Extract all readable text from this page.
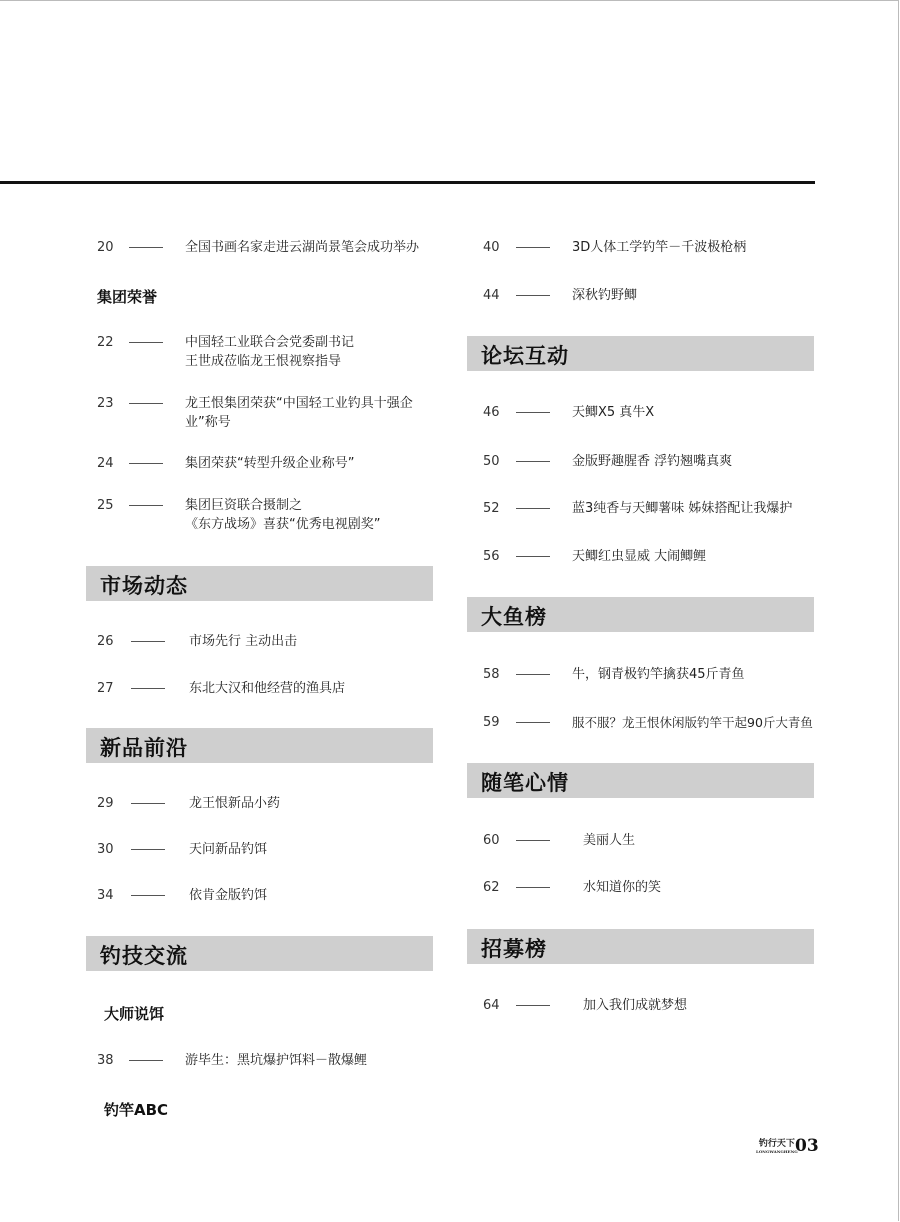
20	全国书画名家走进云湖尚景笔会成功举办
集团荣誉
22	中国轻工业联合会党委副书记
王世成莅临龙王恨视察指导
23	龙王恨集团荣获“中国轻工业钓具十强企
业”称号
24	集团荣获“转型升级企业称号”
25	集团巨资联合摄制之
《东方战场》喜获“优秀电视剧奖”
市场动态
26	市场先行 主动出击
27	东北大汉和他经营的渔具店
新品前沿
29	龙王恨新品小药
30	天问新品钓饵
34	依肯金版钓饵
钓技交流
大师说饵
38	游毕生：黑坑爆护饵料－散爆鲤
钓竿ABC
40	3D人体工学钓竿－千波极枪柄
44	深秋钓野鲫
论坛互动
46	天鲫X5 真牛X
50	金版野趣腥香 浮钓翘嘴真爽
52	蓝3纯香与天鲫薯味 姊妹搭配让我爆护
56	天鲫红虫显威 大闹鲫鲤
大鱼榜
58	牛，钢青极钓竿擒获45斤青鱼
59	服不服？龙王恨休闲版钓竿干起90斤大青鱼
随笔心情
60	美丽人生
62	水知道你的笑
招募榜
64	加入我们成就梦想
钓行天下
LONGWANGHENG
03
